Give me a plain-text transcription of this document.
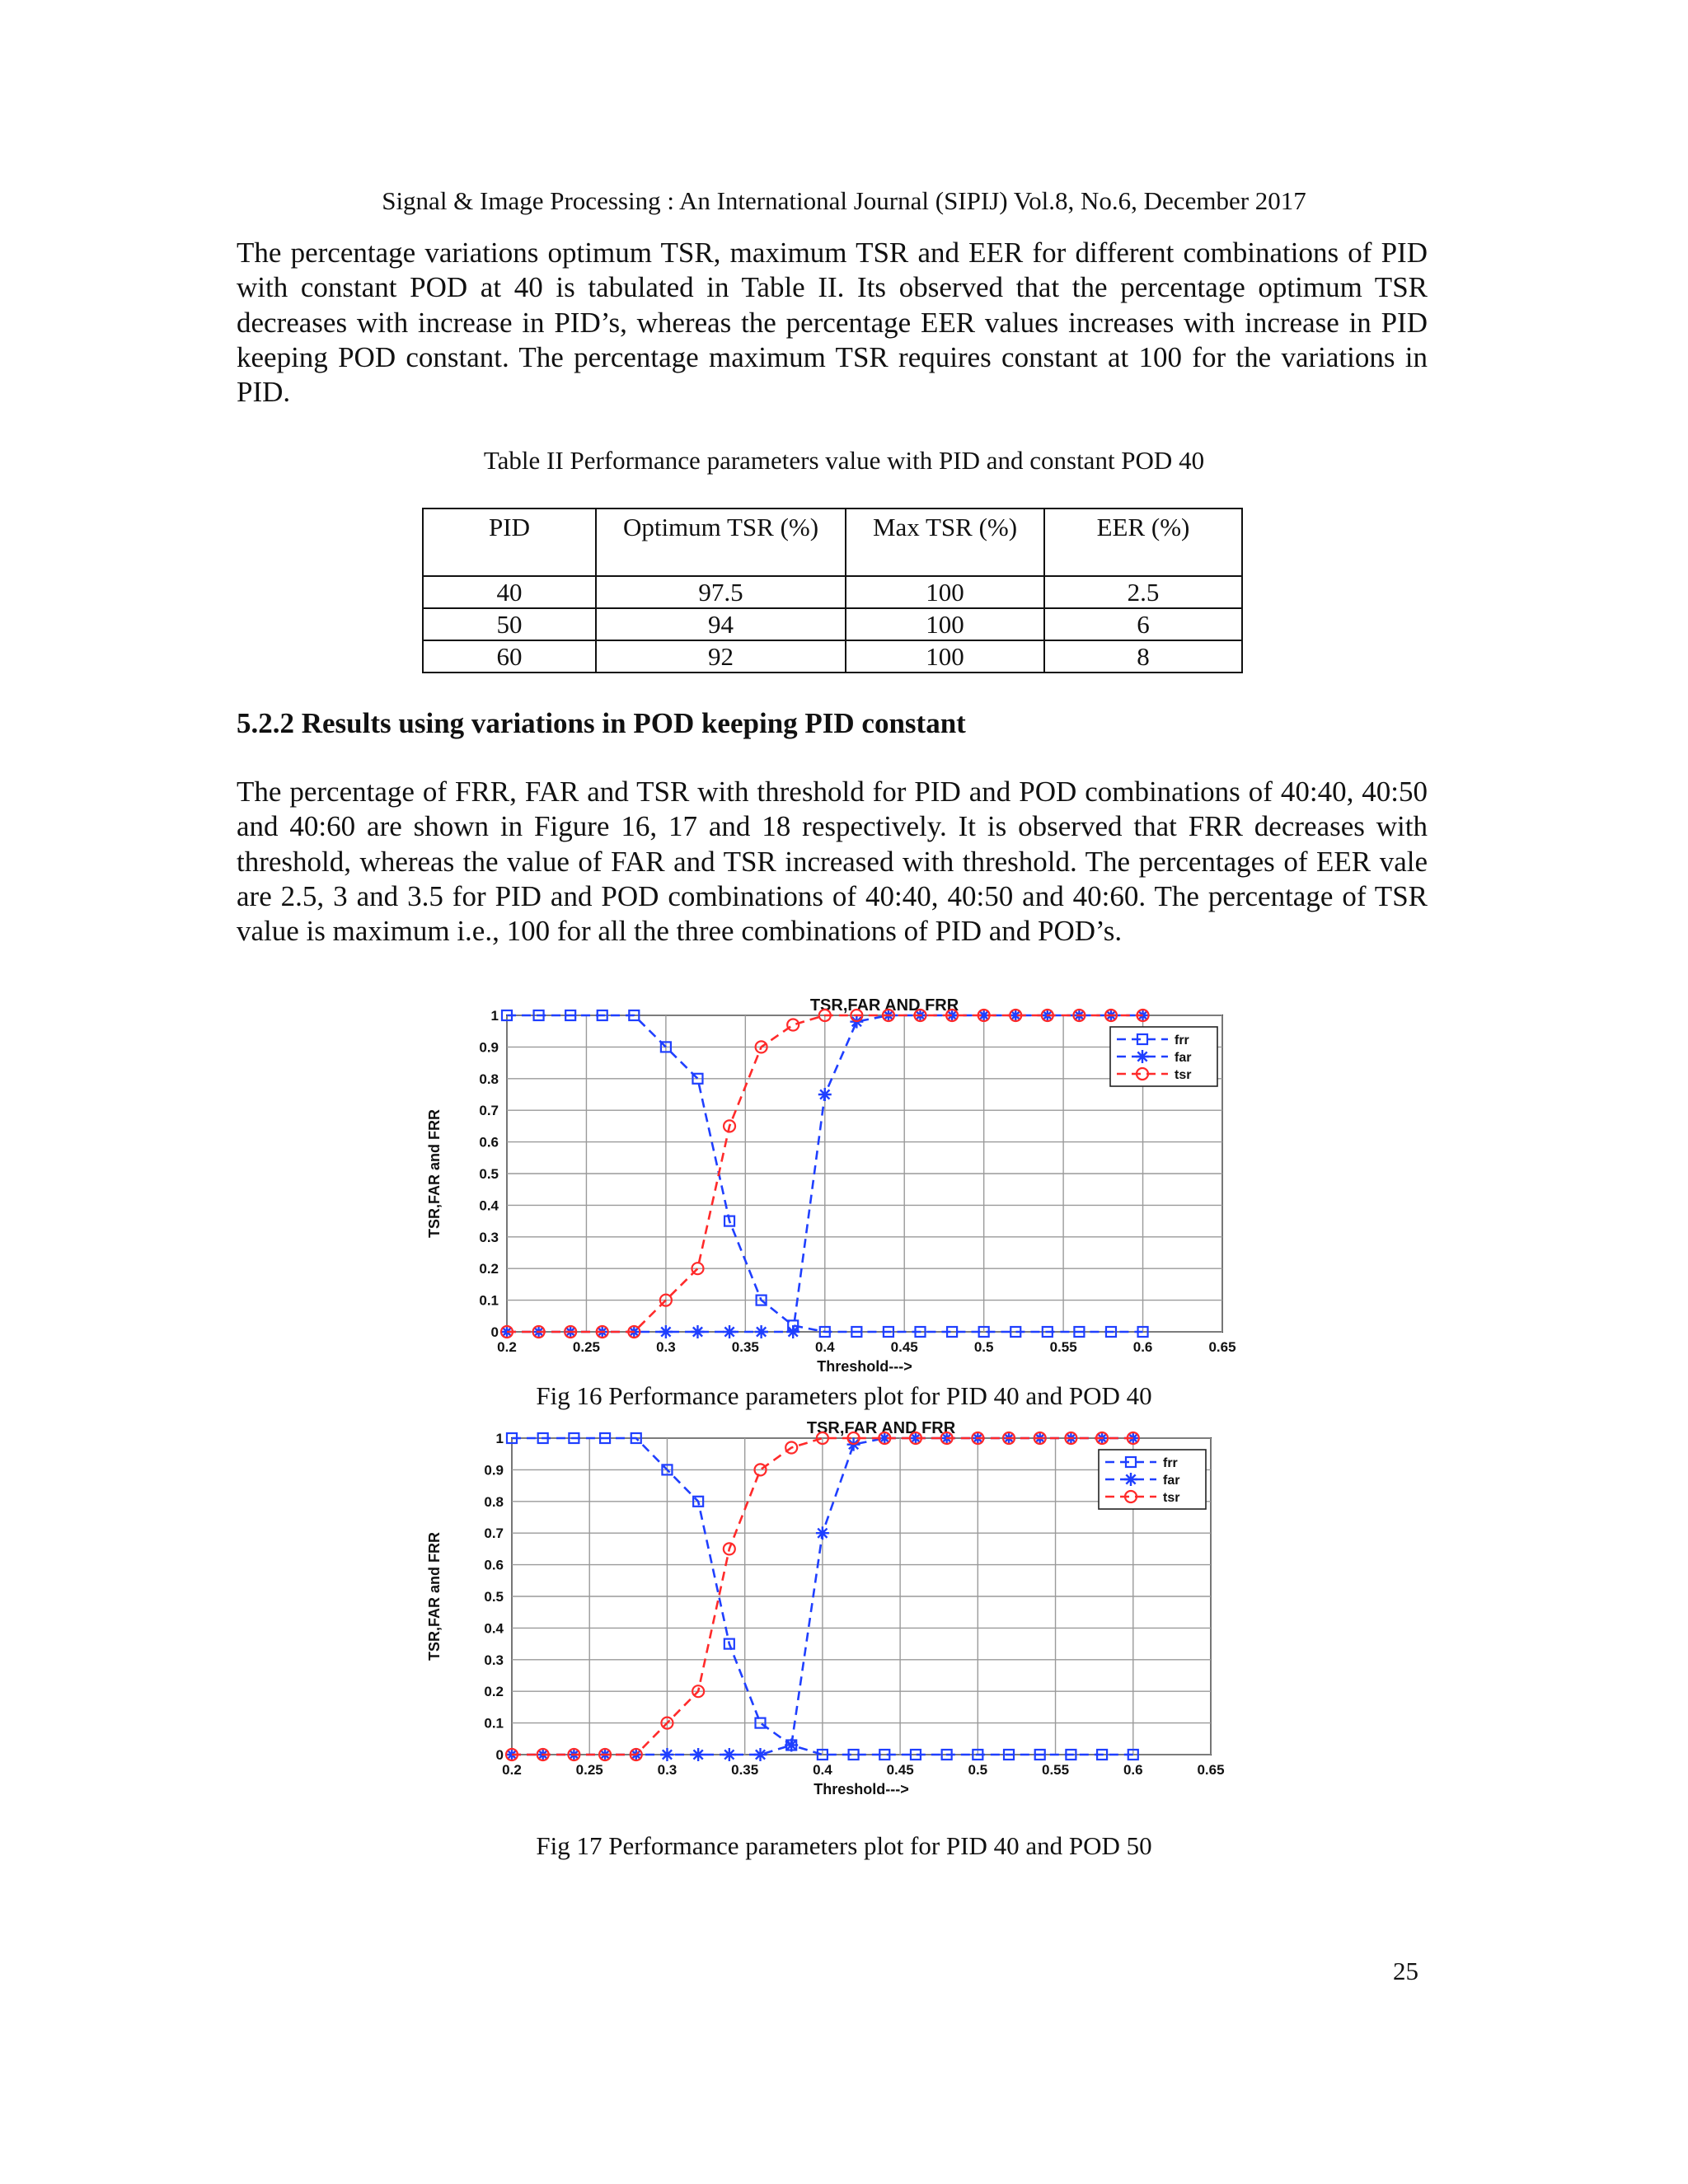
Signal & Image Processing : An International Journal (SIPIJ) Vol.8, No.6, December 2017
The percentage variations optimum TSR, maximum TSR and EER for different combinations of PID with constant POD at 40 is tabulated in Table II. Its observed that the percentage optimum TSR decreases with increase in PID’s, whereas the percentage EER values increases with increase in PID keeping POD constant. The percentage maximum TSR requires constant at 100 for the variations in PID.
Table II Performance parameters value with PID and constant POD 40
PID	Optimum TSR (%)	Max TSR (%)	EER (%)
40	97.5	100	2.5
50	94	100	6
60	92	100	8
5.2.2 Results using variations in POD keeping PID constant
The percentage of FRR, FAR and TSR with threshold for PID and POD combinations of 40:40, 40:50 and 40:60 are shown in Figure 16, 17 and 18 respectively. It is observed that FRR decreases with threshold, whereas the value of FAR and TSR increased with threshold. The percentages of EER vale are 2.5, 3 and 3.5 for PID and POD combinations of 40:40, 40:50 and 40:60. The percentage of TSR value is maximum i.e., 100 for all the three combinations of PID and POD’s.
0.2	0.25	0.3	0.35	0.4	0.45	0.5	0.55	0.6	0.65
0
0.1
0.2
0.3
0.4
0.5
0.6
0.7
0.8
0.9
1
TSR,FAR AND FRR
Threshold--->
TSR,FAR and FRR
frr
far
tsr
Fig 16 Performance parameters plot for PID 40 and POD 40
0.2	0.25	0.3	0.35	0.4	0.45	0.5	0.55	0.6	0.65
0
0.1
0.2
0.3
0.4
0.5
0.6
0.7
0.8
0.9
1
TSR,FAR AND FRR
Threshold--->
TSR,FAR and FRR
frr
far
tsr
Fig 17 Performance parameters plot for PID 40 and POD 50
25
